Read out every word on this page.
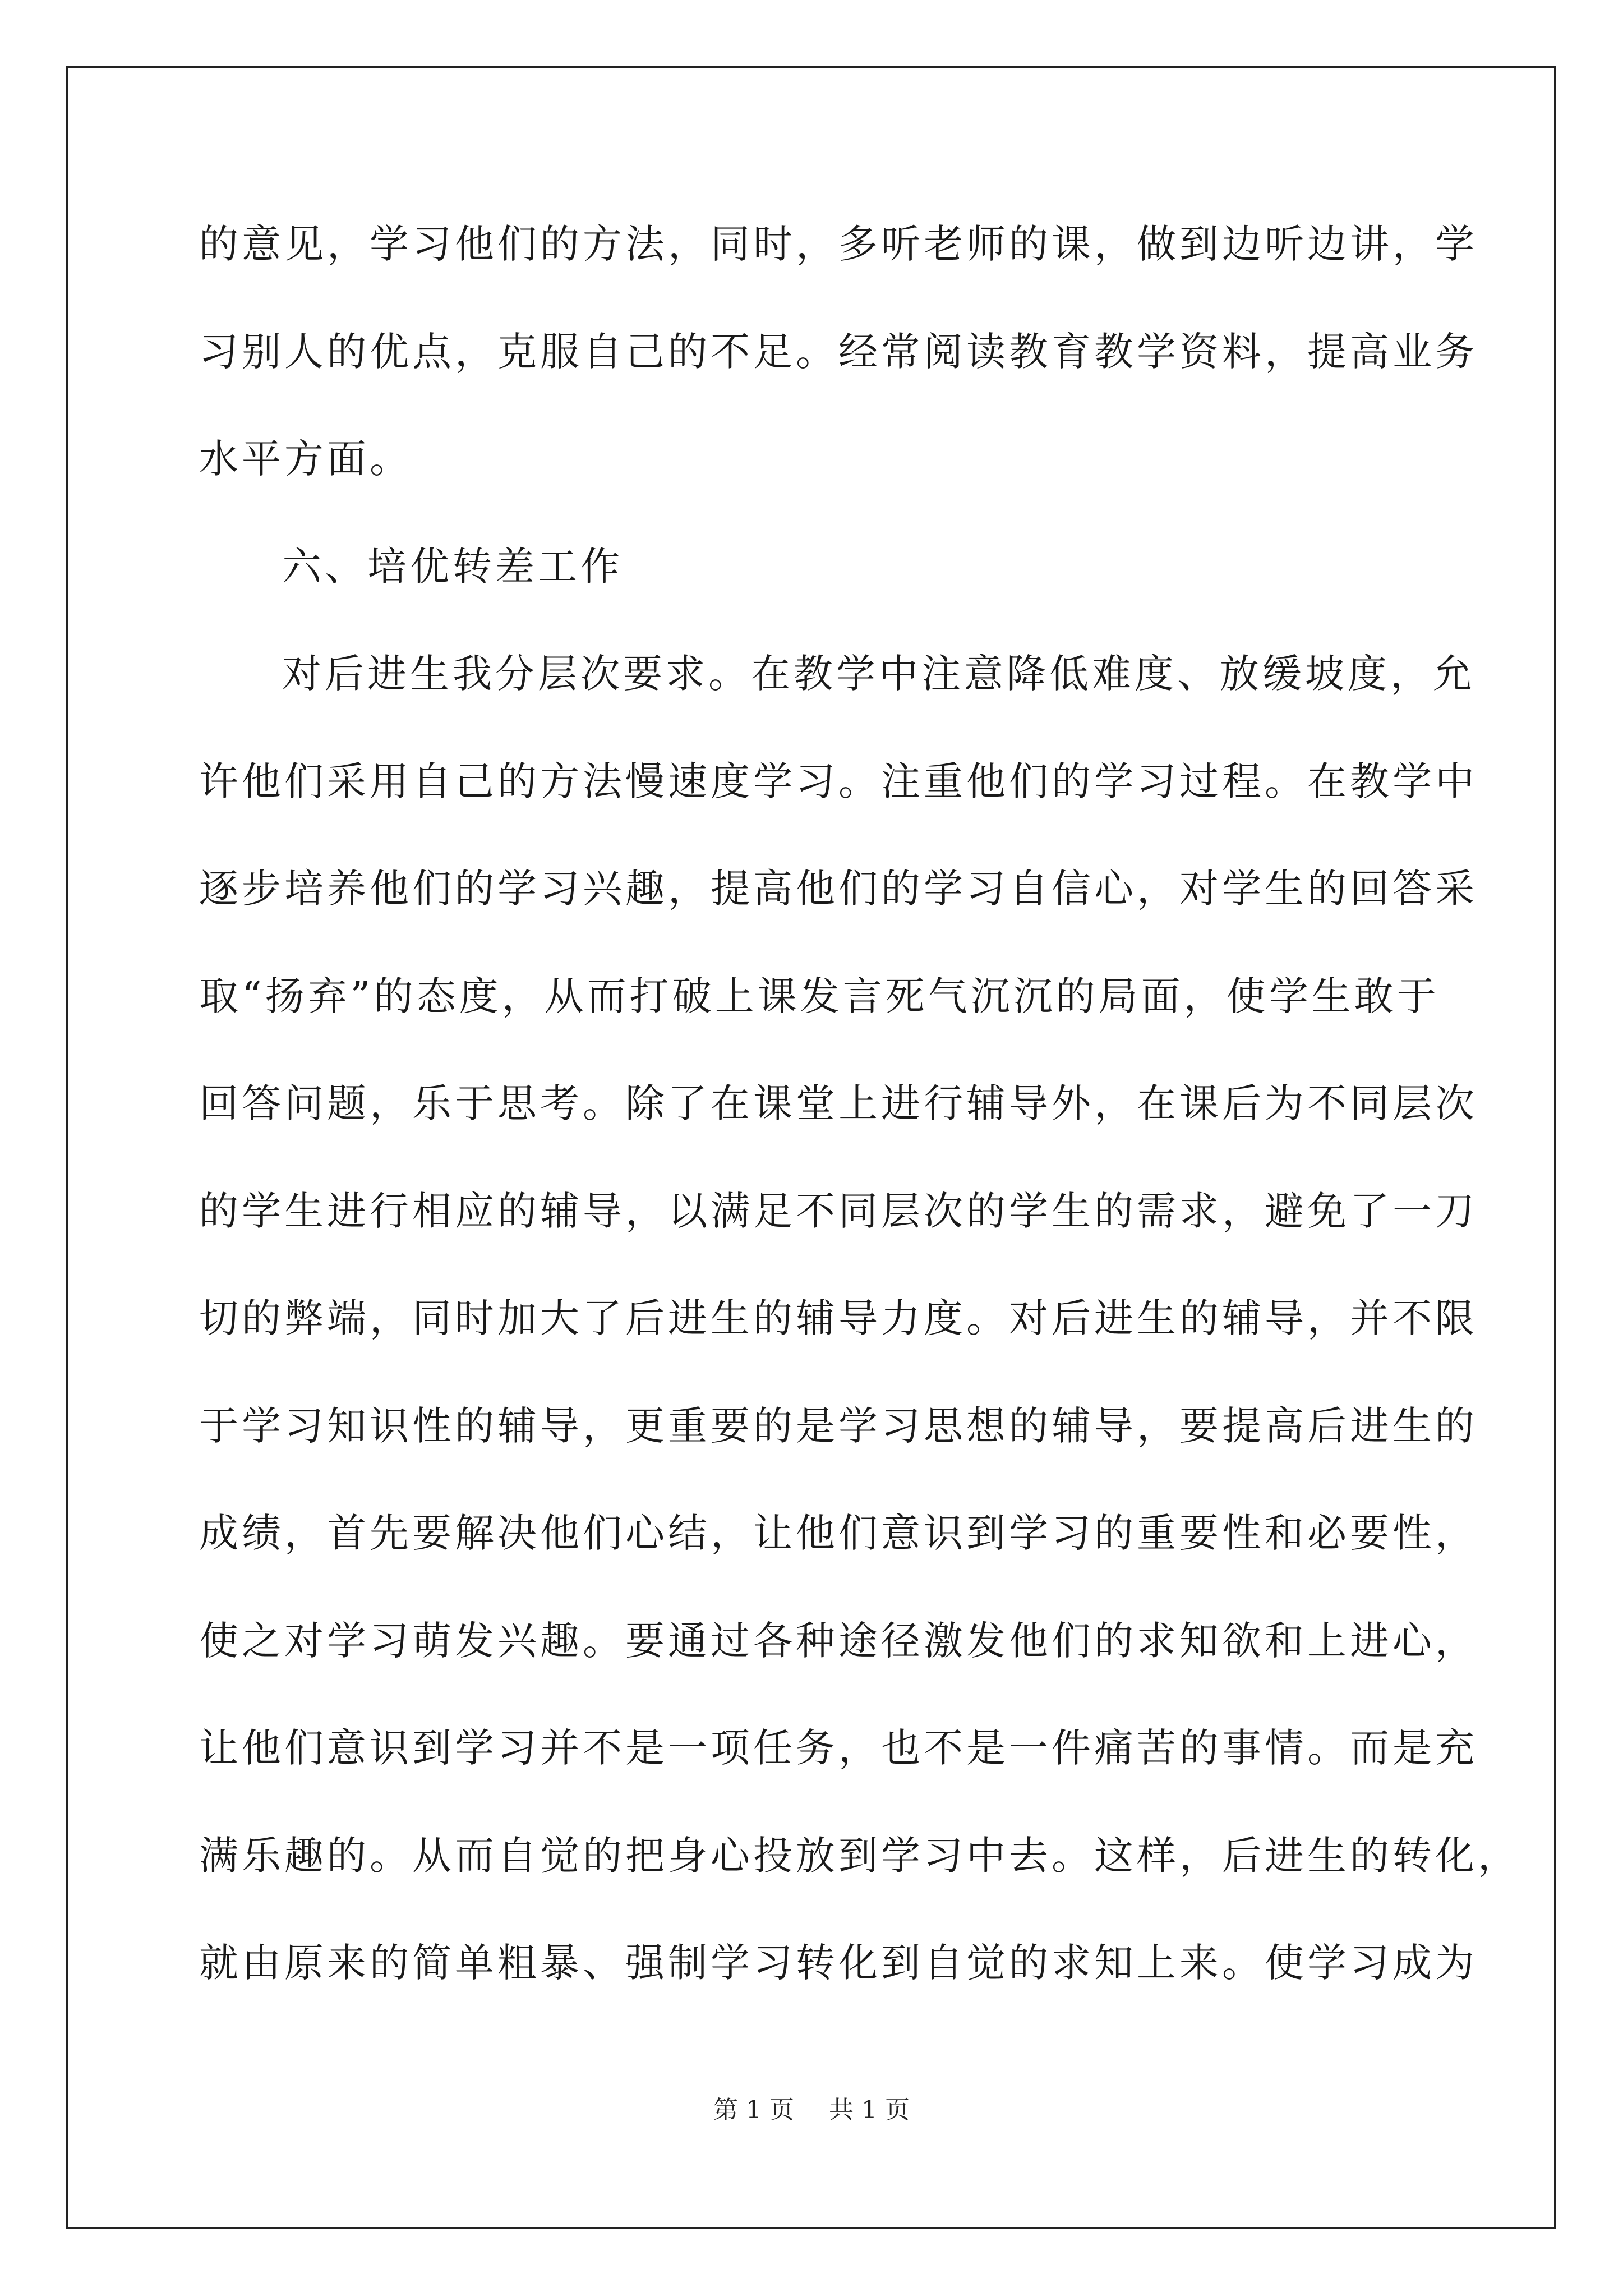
的意见，学习他们的方法，同时，多听老师的课，做到边听边讲，学
习别人的优点，克服自己的不足。经常阅读教育教学资料，提高业务
水平方面。

六、培优转差工作

对后进生我分层次要求。在教学中注意降低难度、放缓坡度，允
许他们采用自己的方法慢速度学习。注重他们的学习过程。在教学中
逐步培养他们的学习兴趣，提高他们的学习自信心，对学生的回答采
取“扬弃”的态度，从而打破上课发言死气沉沉的局面，使学生敢于
回答问题，乐于思考。除了在课堂上进行辅导外，在课后为不同层次
的学生进行相应的辅导，以满足不同层次的学生的需求，避免了一刀
切的弊端，同时加大了后进生的辅导力度。对后进生的辅导，并不限
于学习知识性的辅导，更重要的是学习思想的辅导，要提高后进生的
成绩，首先要解决他们心结，让他们意识到学习的重要性和必要性，
使之对学习萌发兴趣。要通过各种途径激发他们的求知欲和上进心，
让他们意识到学习并不是一项任务，也不是一件痛苦的事情。而是充
满乐趣的。从而自觉的把身心投放到学习中去。这样，后进生的转化，
就由原来的简单粗暴、强制学习转化到自觉的求知上来。使学习成为

第 1 页 共 1 页
